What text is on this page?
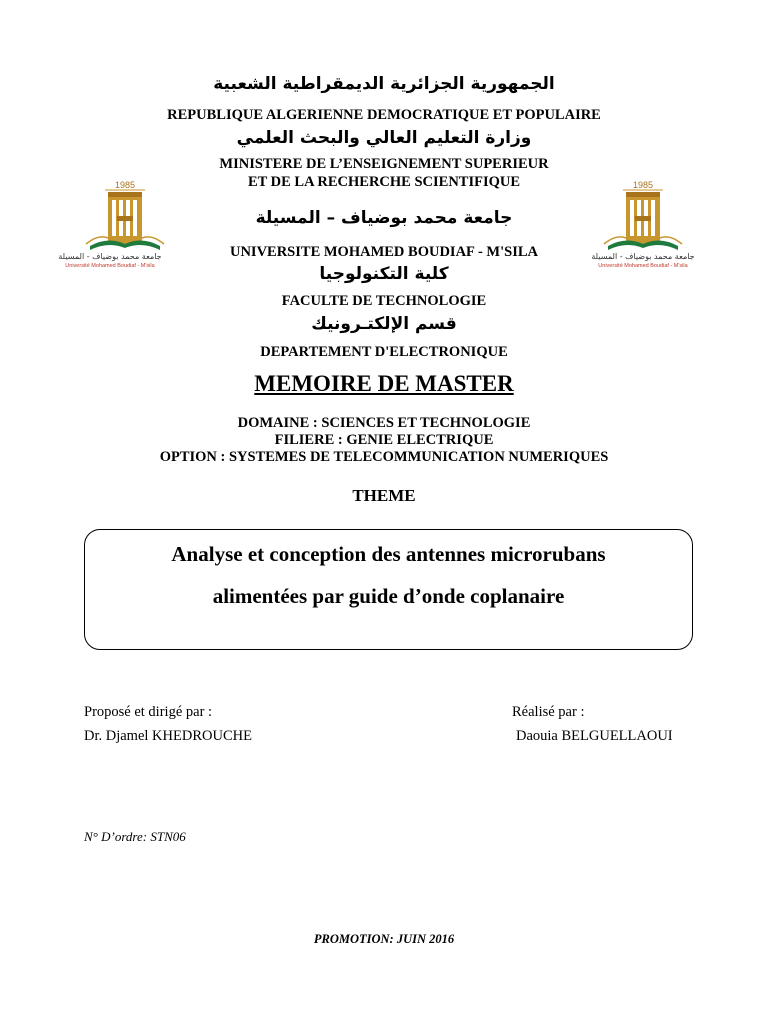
الجمهورية الجزائرية الديمقراطية الشعبية
REPUBLIQUE ALGERIENNE DEMOCRATIQUE ET POPULAIRE
وزارة التعليم العالي والبحث العلمي
MINISTERE DE L’ENSEIGNEMENT SUPERIEUR
ET DE LA RECHERCHE SCIENTIFIQUE
جامعة محمد بوضياف – المسيلة
UNIVERSITE MOHAMED BOUDIAF - M'SILA
كلية التكنولوجيا
FACULTE DE TECHNOLOGIE
قسم الإلكتـرونيك
DEPARTEMENT D'ELECTRONIQUE
1985
جامعة محمد بوضياف - المسيلة
Université Mohamed Boudiaf - M'sila
1985
جامعة محمد بوضياف - المسيلة
Université Mohamed Boudiaf - M'sila
MEMOIRE DE MASTER
DOMAINE : SCIENCES ET TECHNOLOGIE
FILIERE : GENIE ELECTRIQUE
OPTION : SYSTEMES DE TELECOMMUNICATION NUMERIQUES
THEME
Analyse et conception des antennes microrubans
alimentées par guide d’onde coplanaire
Proposé et dirigé par :
Dr. Djamel KHEDROUCHE
Réalisé par :
Daouia BELGUELLAOUI
N° D’ordre: STN06
PROMOTION: JUIN 2016
